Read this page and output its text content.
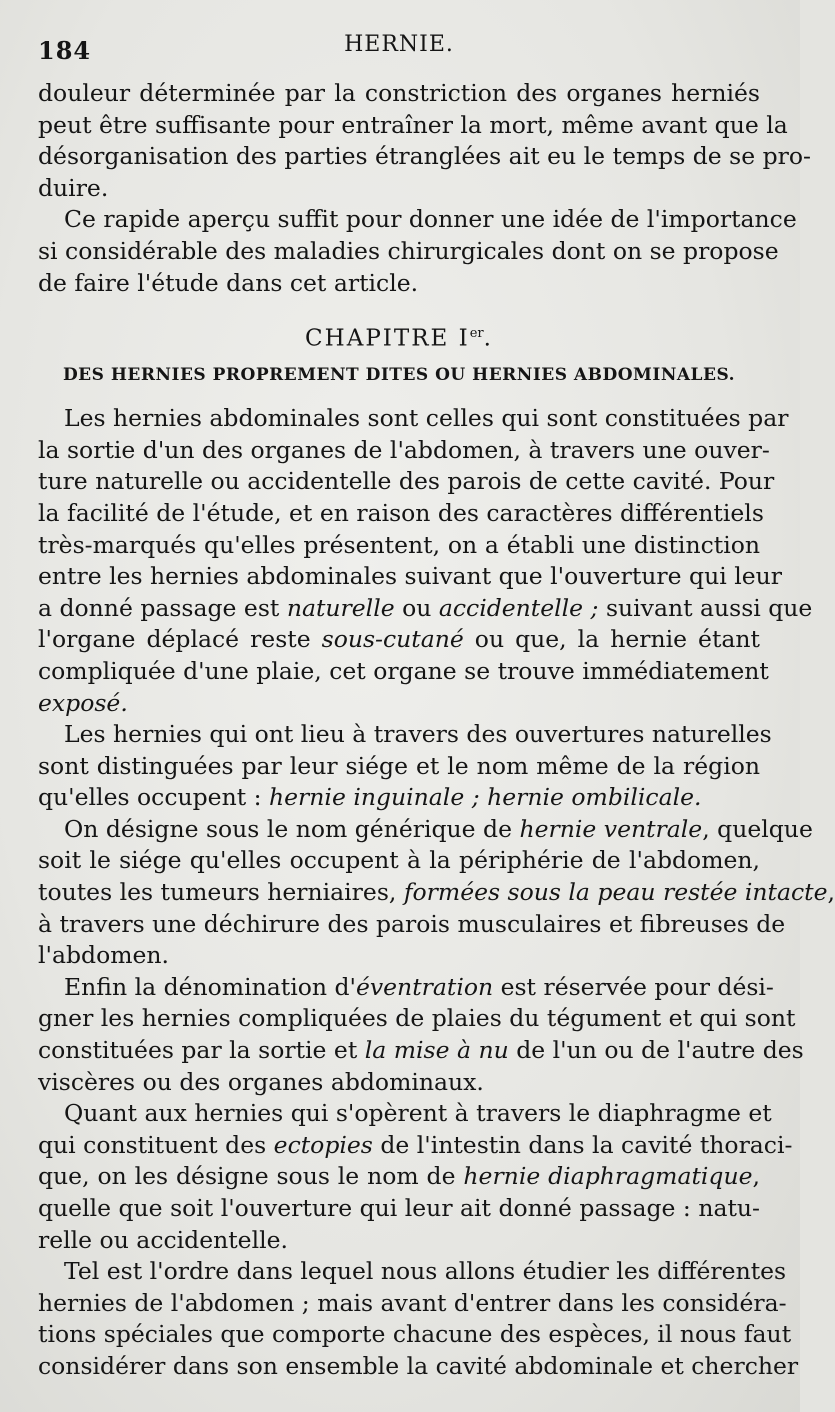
184	HERNIE.
douleur déterminée par la constriction des organes herniés
peut être suffisante pour entraîner la mort, même avant que la
désorganisation des parties étranglées ait eu le temps de se pro-
duire.
Ce rapide aperçu suffit pour donner une idée de l'importance
si considérable des maladies chirurgicales dont on se propose
de faire l'étude dans cet article.
CHAPITRE Ier.
DES HERNIES PROPREMENT DITES OU HERNIES ABDOMINALES.
Les hernies abdominales sont celles qui sont constituées par
la sortie d'un des organes de l'abdomen, à travers une ouver-
ture naturelle ou accidentelle des parois de cette cavité. Pour
la facilité de l'étude, et en raison des caractères différentiels
très-marqués qu'elles présentent, on a établi une distinction
entre les hernies abdominales suivant que l'ouverture qui leur
a donné passage est naturelle ou accidentelle ; suivant aussi que
l'organe déplacé reste sous-cutané ou que, la hernie étant
compliquée d'une plaie, cet organe se trouve immédiatement
exposé.
Les hernies qui ont lieu à travers des ouvertures naturelles
sont distinguées par leur siége et le nom même de la région
qu'elles occupent : hernie inguinale ; hernie ombilicale.
On désigne sous le nom générique de hernie ventrale, quelque
soit le siége qu'elles occupent à la périphérie de l'abdomen,
toutes les tumeurs herniaires, formées sous la peau restée intacte,
à travers une déchirure des parois musculaires et fibreuses de
l'abdomen.
Enfin la dénomination d'éventration est réservée pour dési-
gner les hernies compliquées de plaies du tégument et qui sont
constituées par la sortie et la mise à nu de l'un ou de l'autre des
viscères ou des organes abdominaux.
Quant aux hernies qui s'opèrent à travers le diaphragme et
qui constituent des ectopies de l'intestin dans la cavité thoraci-
que, on les désigne sous le nom de hernie diaphragmatique,
quelle que soit l'ouverture qui leur ait donné passage : natu-
relle ou accidentelle.
Tel est l'ordre dans lequel nous allons étudier les différentes
hernies de l'abdomen ; mais avant d'entrer dans les considéra-
tions spéciales que comporte chacune des espèces, il nous faut
considérer dans son ensemble la cavité abdominale et chercher
